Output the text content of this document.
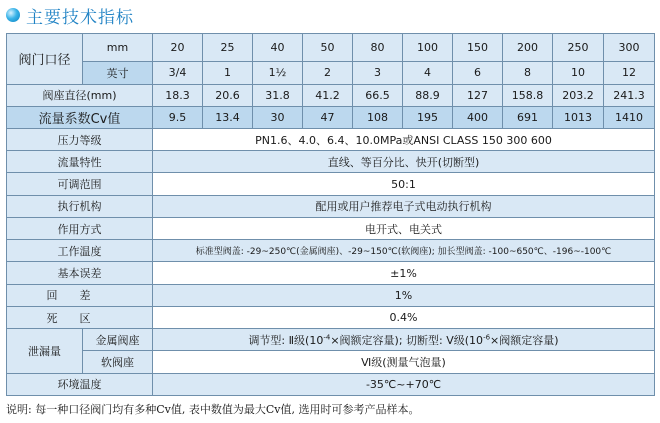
主要技术指标
阀门口径	mm	20	25	40	50	80	100	150	200	250	300
	英寸	3/4	1	1½	2	3	4	6	8	10	12
阀座直径(mm)		18.3	20.6	31.8	41.2	66.5	88.9	127	158.8	203.2	241.3
流量系数Cv值		9.5	13.4	30	47	108	195	400	691	1013	1410
压力等级		PN1.6、4.0、6.4、10.0MPa或ANSI CLASS 150 300 600									
流量特性		直线、等百分比、快开(切断型)									
可调范围		50:1									
执行机构		配用或用户推荐电子式电动执行机构									
作用方式		电开式、电关式									
工作温度		标准型阀盖: -29~250℃(金属阀座)、-29~150℃(软阀座); 加长型阀盖: -100~650℃、-196~-100℃									
基本误差		±1%									
回差		1%									
死区		0.4%									
泄漏量	金属阀座	调节型: Ⅱ级($10^{-4}\times$阀额定容量); 切断型: Ⅴ级($10^{-6}\times$阀额定容量)									
	软阀座	Ⅵ级(测量气泡量)									
环境温度		-35℃~+70℃									
说明: 每一种口径阀门均有多种Cv值, 表中数值为最大Cv值, 选用时可参考产品样本。
